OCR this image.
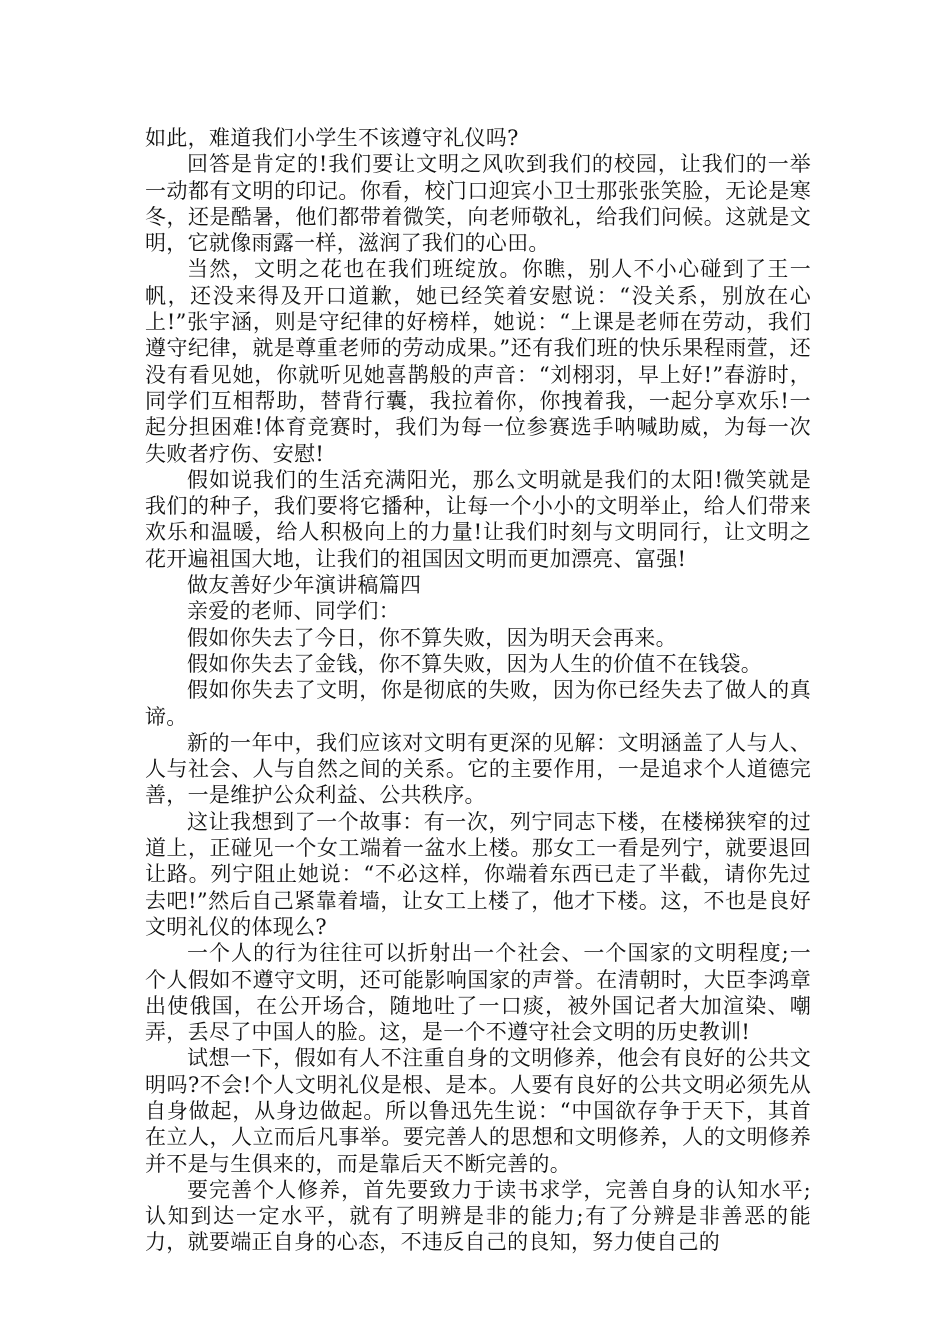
如此，难道我们小学生不该遵守礼仪吗?

回答是肯定的!我们要让文明之风吹到我们的校园，让我们的一举一动都有文明的印记。你看，校门口迎宾小卫士那张张笑脸，无论是寒冬，还是酷暑，他们都带着微笑，向老师敬礼，给我们问候。这就是文明，它就像雨露一样，滋润了我们的心田。

当然，文明之花也在我们班绽放。你瞧，别人不小心碰到了王一帆，还没来得及开口道歉，她已经笑着安慰说：“没关系，别放在心上!”张宇涵，则是守纪律的好榜样，她说：“上课是老师在劳动，我们遵守纪律，就是尊重老师的劳动成果。”还有我们班的快乐果程雨萱，还没有看见她，你就听见她喜鹊般的声音：“刘栩羽，早上好!”春游时，同学们互相帮助，替背行囊，我拉着你，你拽着我，一起分享欢乐!一起分担困难!体育竞赛时，我们为每一位参赛选手呐喊助威，为每一次失败者疗伤、安慰!

假如说我们的生活充满阳光，那么文明就是我们的太阳!微笑就是我们的种子，我们要将它播种，让每一个小小的文明举止，给人们带来欢乐和温暖，给人积极向上的力量!让我们时刻与文明同行，让文明之花开遍祖国大地，让我们的祖国因文明而更加漂亮、富强!

做友善好少年演讲稿篇四

亲爱的老师、同学们：

假如你失去了今日，你不算失败，因为明天会再来。

假如你失去了金钱，你不算失败，因为人生的价值不在钱袋。

假如你失去了文明，你是彻底的失败，因为你已经失去了做人的真谛。

新的一年中，我们应该对文明有更深的见解：文明涵盖了人与人、人与社会、人与自然之间的关系。它的主要作用，一是追求个人道德完善，一是维护公众利益、公共秩序。

这让我想到了一个故事：有一次，列宁同志下楼，在楼梯狭窄的过道上，正碰见一个女工端着一盆水上楼。那女工一看是列宁，就要退回让路。列宁阻止她说：“不必这样，你端着东西已走了半截，请你先过去吧!”然后自己紧靠着墙，让女工上楼了，他才下楼。这，不也是良好文明礼仪的体现么?

一个人的行为往往可以折射出一个社会、一个国家的文明程度;一个人假如不遵守文明，还可能影响国家的声誉。在清朝时，大臣李鸿章出使俄国，在公开场合，随地吐了一口痰，被外国记者大加渲染、嘲弄，丢尽了中国人的脸。这，是一个不遵守社会文明的历史教训!

试想一下，假如有人不注重自身的文明修养，他会有良好的公共文明吗?不会!个人文明礼仪是根、是本。人要有良好的公共文明必须先从自身做起，从身边做起。所以鲁迅先生说：“中国欲存争于天下，其首在立人，人立而后凡事举。要完善人的思想和文明修养，人的文明修养并不是与生俱来的，而是靠后天不断完善的。

要完善个人修养，首先要致力于读书求学，完善自身的认知水平;认知到达一定水平，就有了明辨是非的能力;有了分辨是非善恶的能力，就要端正自身的心态，不违反自己的良知，努力使自己的
